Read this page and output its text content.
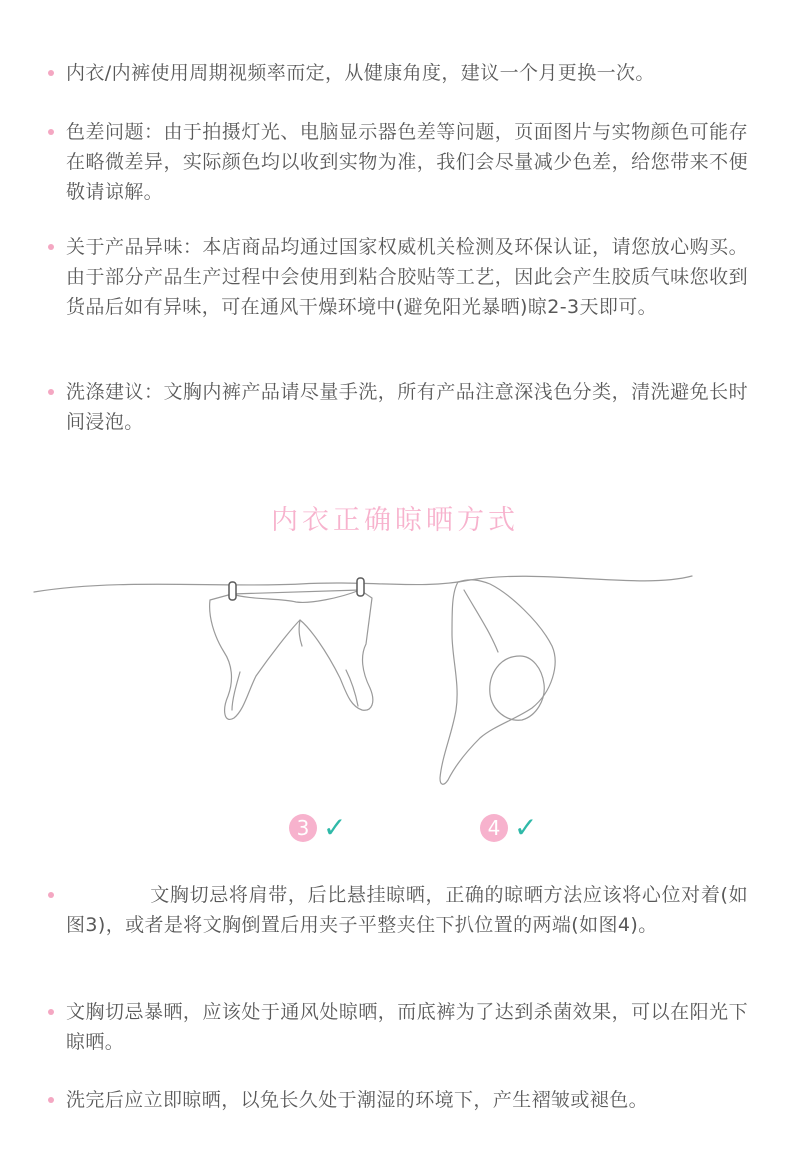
内衣/内裤使用周期视频率而定，从健康角度，建议一个月更换一次。

色差问题：由于拍摄灯光、电脑显示器色差等问题，页面图片与实物颜色可能存在略微差异，实际颜色均以收到实物为准，我们会尽量减少色差，给您带来不便 敬请谅解。

关于产品异味：本店商品均通过国家权威机关检测及环保认证，请您放心购买。由于部分产品生产过程中会使用到粘合胶贴等工艺，因此会产生胶质气味您收到货品后如有异味，可在通风干燥环境中(避免阳光暴晒)晾2-3天即可。

洗涤建议：文胸内裤产品请尽量手洗，所有产品注意深浅色分类，清洗避免长时间浸泡。

内衣正确晾晒方式
3 ✓	4 ✓

文胸切忌将肩带，后比悬挂晾晒，正确的晾晒方法应该将心位对着(如图3)，或者是将文胸倒置后用夹子平整夹住下扒位置的两端(如图4)。

文胸切忌暴晒，应该处于通风处晾晒，而底裤为了达到杀菌效果，可以在阳光下晾晒。

洗完后应立即晾晒，以免长久处于潮湿的环境下，产生褶皱或褪色。
